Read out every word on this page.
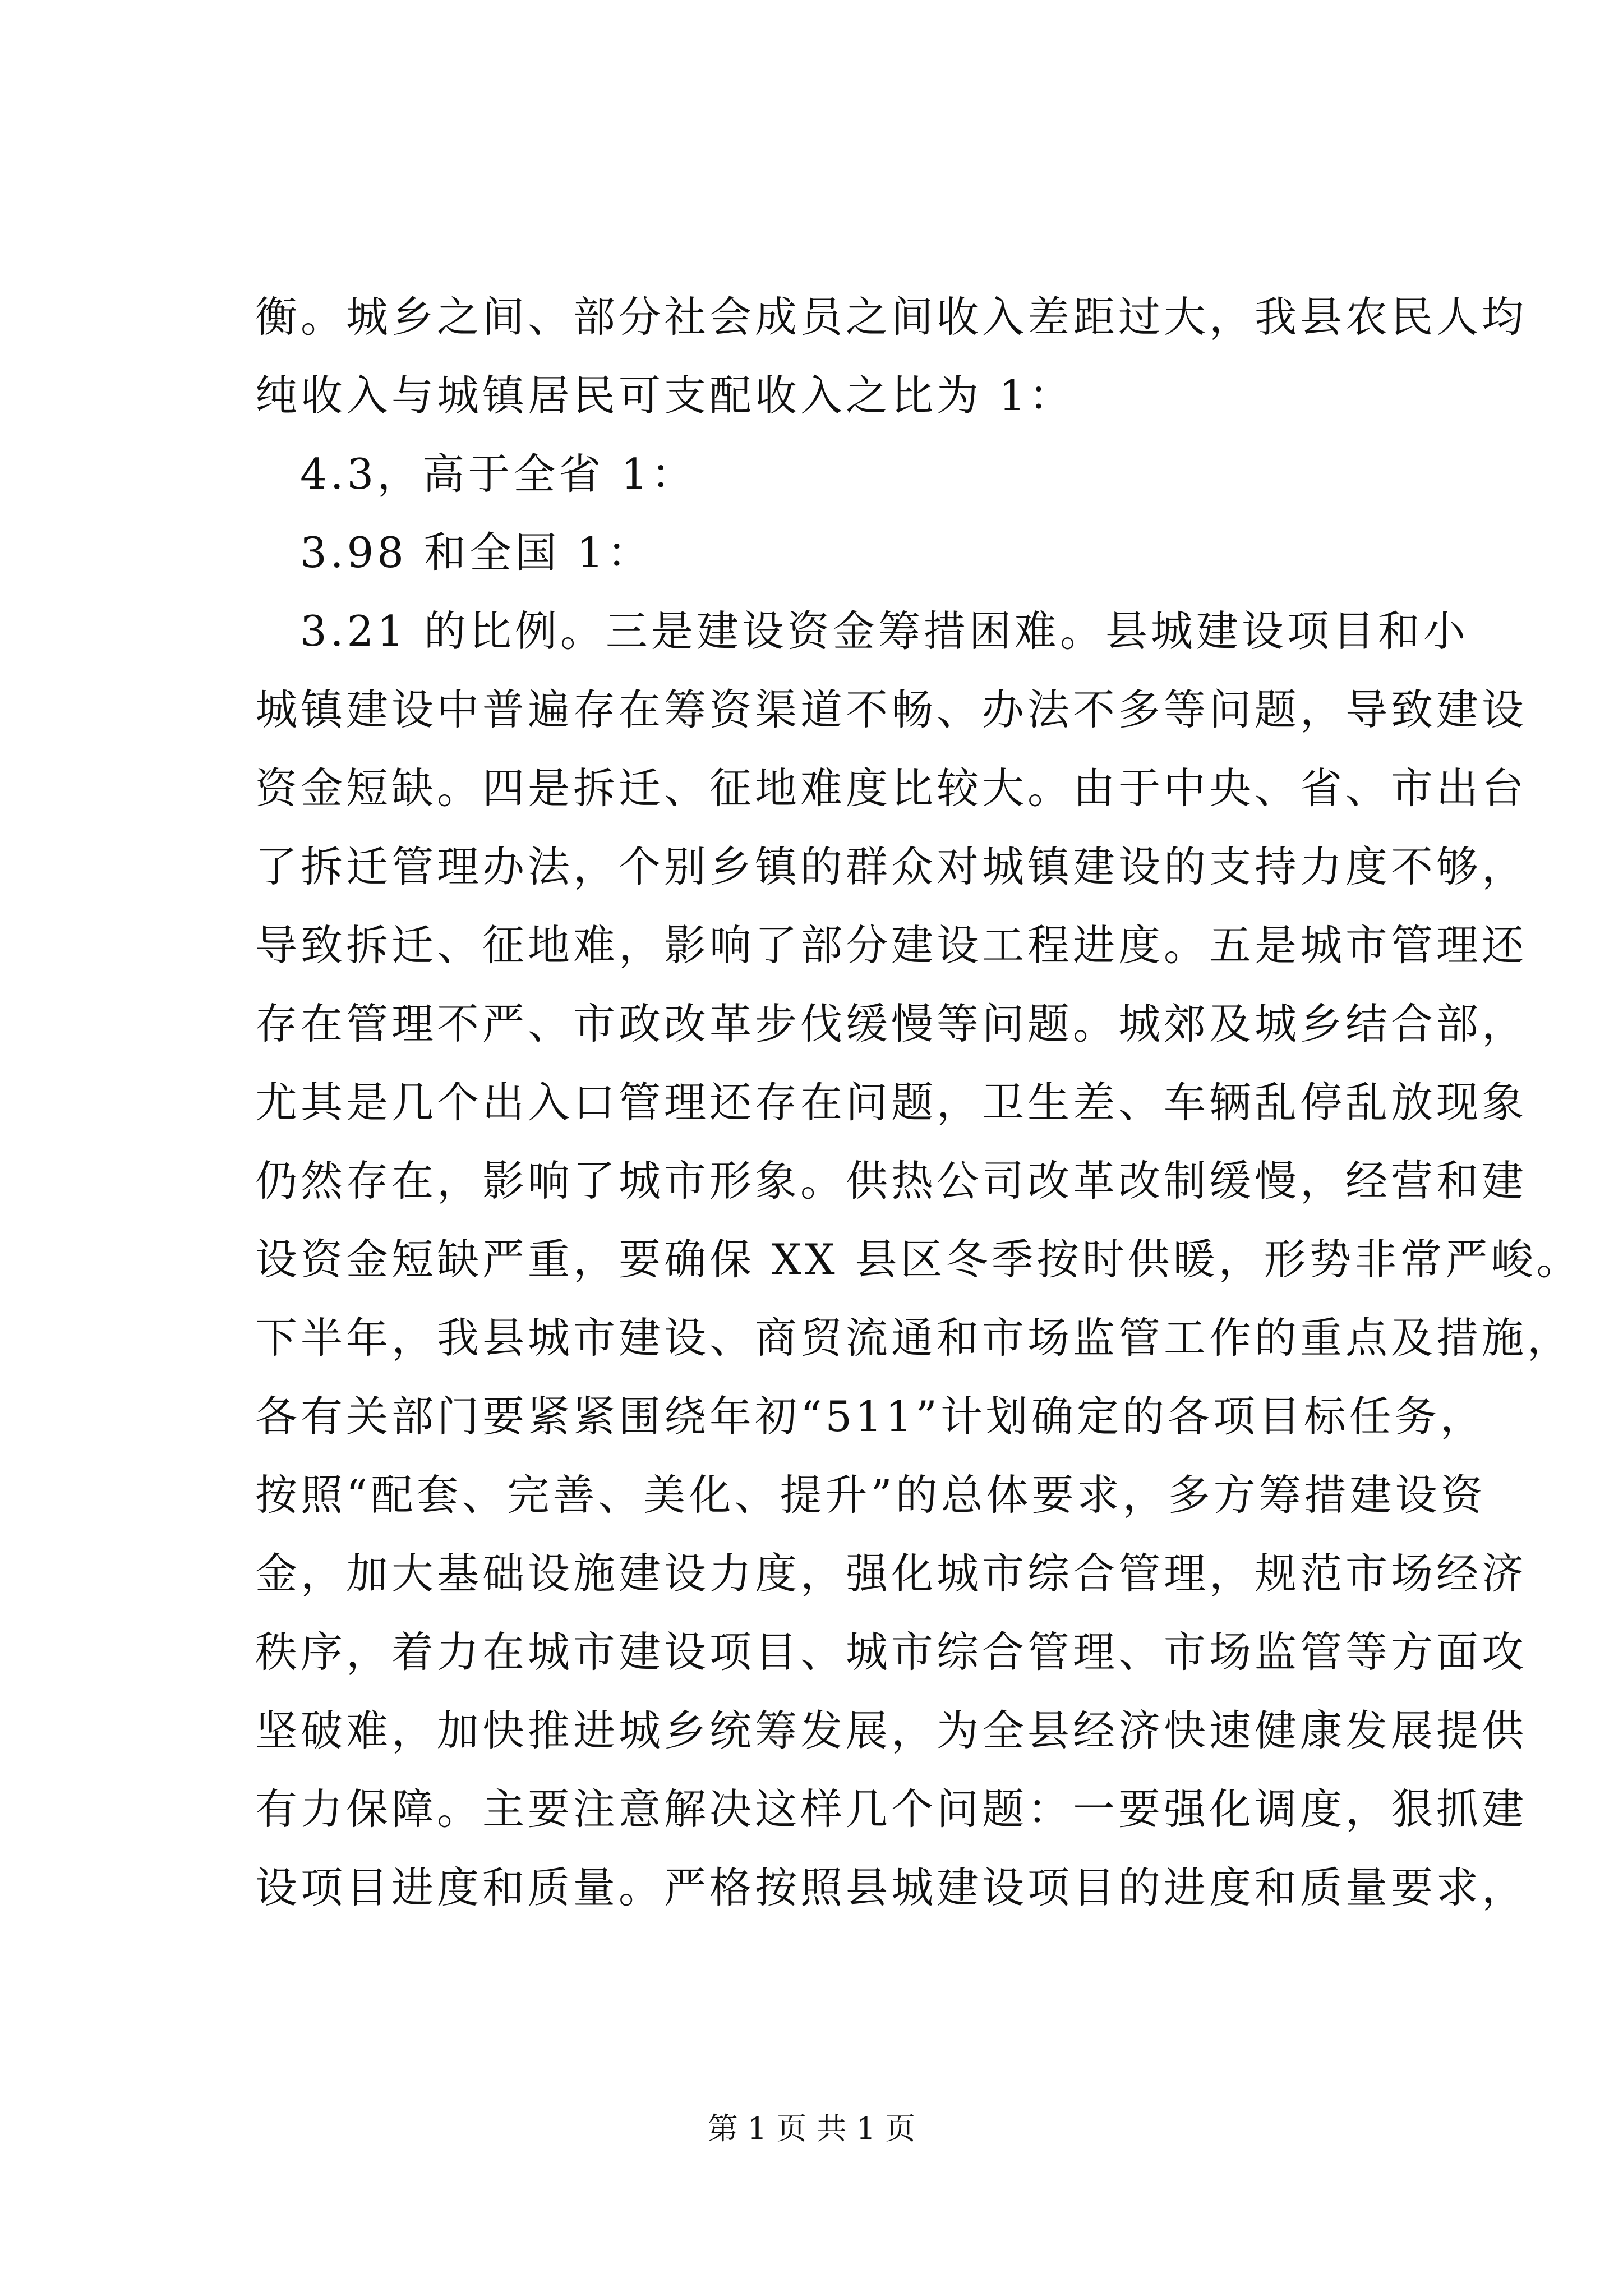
衡。城乡之间、部分社会成员之间收入差距过大，我县农民人均
纯收入与城镇居民可支配收入之比为 1：
4.3，高于全省 1：
3.98 和全国 1：
3.21 的比例。三是建设资金筹措困难。县城建设项目和小
城镇建设中普遍存在筹资渠道不畅、办法不多等问题，导致建设
资金短缺。四是拆迁、征地难度比较大。由于中央、省、市出台
了拆迁管理办法，个别乡镇的群众对城镇建设的支持力度不够，
导致拆迁、征地难，影响了部分建设工程进度。五是城市管理还
存在管理不严、市政改革步伐缓慢等问题。城郊及城乡结合部，
尤其是几个出入口管理还存在问题，卫生差、车辆乱停乱放现象
仍然存在，影响了城市形象。供热公司改革改制缓慢，经营和建
设资金短缺严重，要确保 XX 县区冬季按时供暖，形势非常严峻。
下半年，我县城市建设、商贸流通和市场监管工作的重点及措施，
各有关部门要紧紧围绕年初“511”计划确定的各项目标任务，
按照“配套、完善、美化、提升”的总体要求，多方筹措建设资
金，加大基础设施建设力度，强化城市综合管理，规范市场经济
秩序，着力在城市建设项目、城市综合管理、市场监管等方面攻
坚破难，加快推进城乡统筹发展，为全县经济快速健康发展提供
有力保障。主要注意解决这样几个问题：一要强化调度，狠抓建
设项目进度和质量。严格按照县城建设项目的进度和质量要求，
第 1 页 共 1 页
